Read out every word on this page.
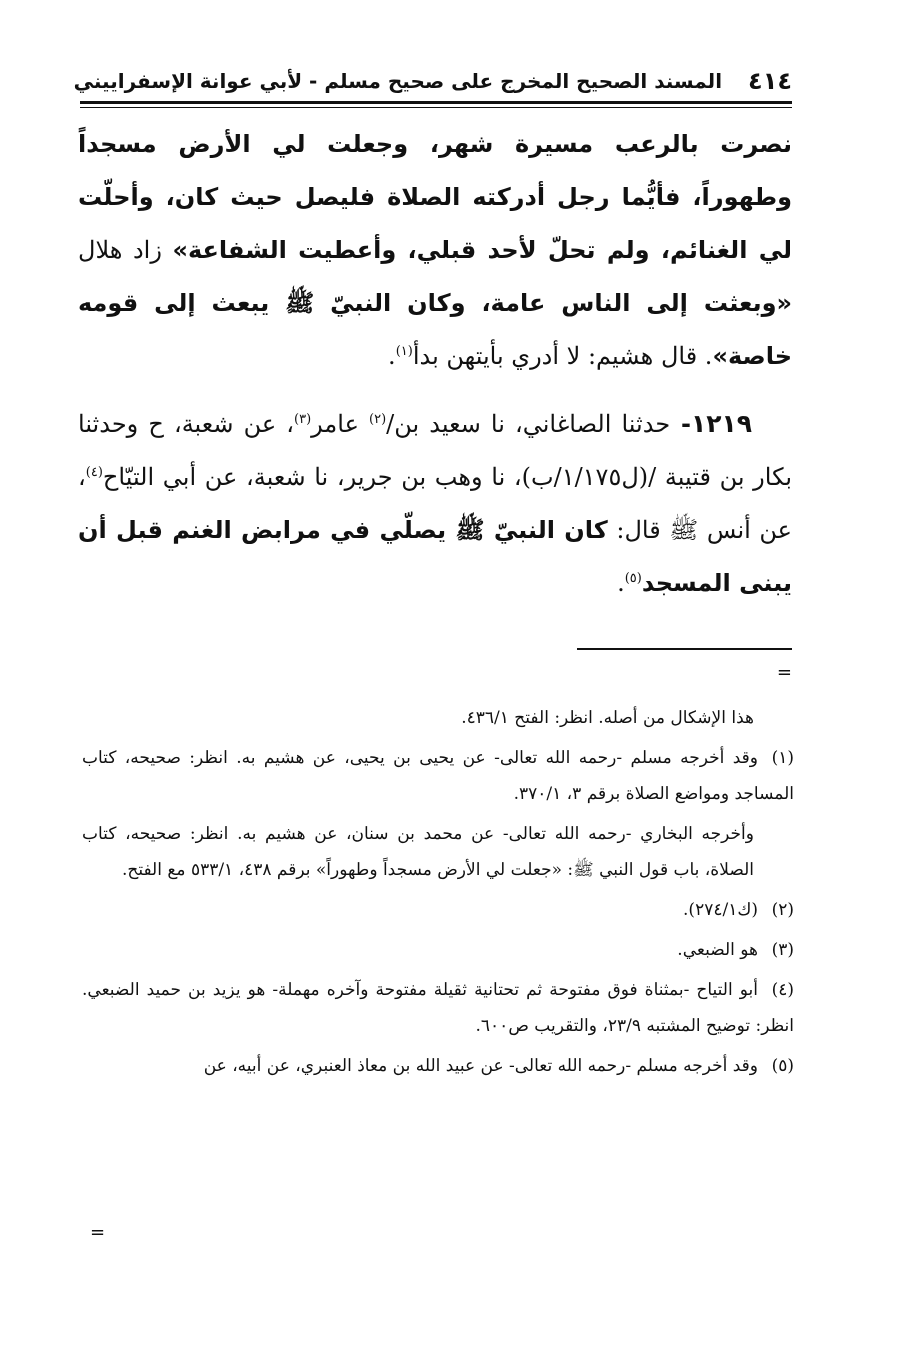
٤١٤
المسند الصحيح المخرج على صحيح مسلم - لأبي عوانة الإسفراييني

نصرت بالرعب مسيرة شهر، وجعلت لي الأرض مسجداً وطهوراً، فأيُّما رجل أدركته الصلاة فليصل حيث كان، وأحلّت لي الغنائم، ولم تحلّ لأحد قبلي، وأعطيت الشفاعة» زاد هلال «وبعثت إلى الناس عامة، وكان النبيّ ﷺ يبعث إلى قومه خاصة». قال هشيم: لا أدري بأيتهن بدأ$^{(١)}$.

١٢١٩- حدثنا الصاغاني، نا سعيد بن/$^{(٢)}$ عامر$^{(٣)}$، عن شعبة، ح وحدثنا بكار بن قتيبة /(ل١/١٧٥/ب)، نا وهب بن جرير، نا شعبة، عن أبي التيّاح$^{(٤)}$، عن أنس ﷺ قال: كان النبيّ ﷺ يصلّي في مرابض الغنم قبل أن يبنى المسجد$^{(٥)}$.

=

هذا الإشكال من أصله. انظر: الفتح ٤٣٦/١.

(١)وقد أخرجه مسلم -رحمه الله تعالى- عن يحيى بن يحيى، عن هشيم به. انظر: صحيحه، كتاب المساجد ومواضع الصلاة برقم ٣، ٣٧٠/١.

وأخرجه البخاري -رحمه الله تعالى- عن محمد بن سنان، عن هشيم به. انظر: صحيحه، كتاب الصلاة، باب قول النبي ﷺ: «جعلت لي الأرض مسجداً وطهوراً» برقم ٤٣٨، ٥٣٣/١ مع الفتح.

(٢)(ك٢٧٤/١).

(٣)هو الضبعي.

(٤)أبو التياح -بمثناة فوق مفتوحة ثم تحتانية ثقيلة مفتوحة وآخره مهملة- هو يزيد بن حميد الضبعي. انظر: توضيح المشتبه ٢٣/٩، والتقريب ص٦٠٠.

(٥)وقد أخرجه مسلم -رحمه الله تعالى- عن عبيد الله بن معاذ العنبري، عن أبيه، عن

=
